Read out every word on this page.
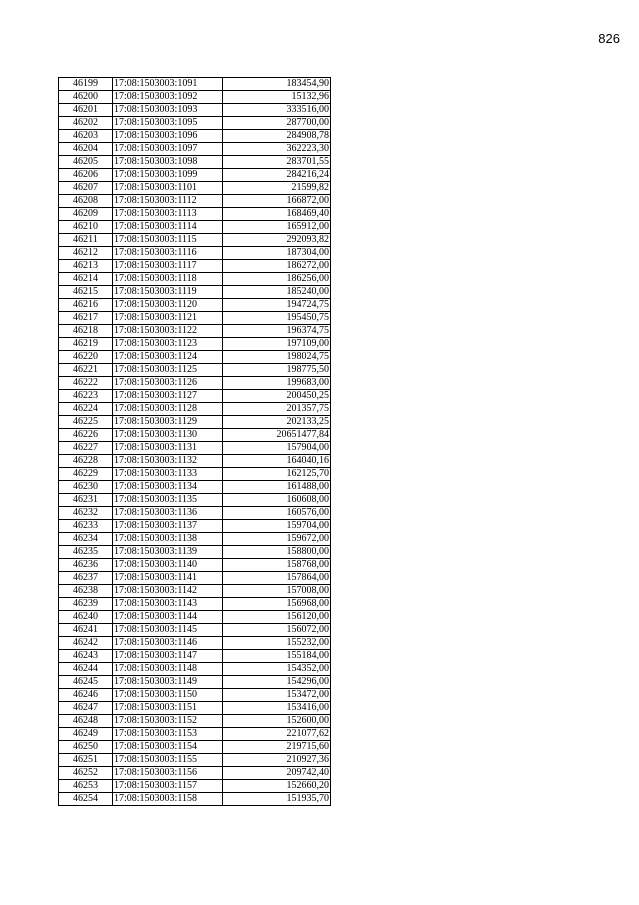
826
46199	17:08:1503003:1091	183454,90
46200	17:08:1503003:1092	15132,96
46201	17:08:1503003:1093	333516,00
46202	17:08:1503003:1095	287700,00
46203	17:08:1503003:1096	284908,78
46204	17:08:1503003:1097	362223,30
46205	17:08:1503003:1098	283701,55
46206	17:08:1503003:1099	284216,24
46207	17:08:1503003:1101	21599,82
46208	17:08:1503003:1112	166872,00
46209	17:08:1503003:1113	168469,40
46210	17:08:1503003:1114	165912,00
46211	17:08:1503003:1115	292093,82
46212	17:08:1503003:1116	187304,00
46213	17:08:1503003:1117	186272,00
46214	17:08:1503003:1118	186256,00
46215	17:08:1503003:1119	185240,00
46216	17:08:1503003:1120	194724,75
46217	17:08:1503003:1121	195450,75
46218	17:08:1503003:1122	196374,75
46219	17:08:1503003:1123	197109,00
46220	17:08:1503003:1124	198024,75
46221	17:08:1503003:1125	198775,50
46222	17:08:1503003:1126	199683,00
46223	17:08:1503003:1127	200450,25
46224	17:08:1503003:1128	201357,75
46225	17:08:1503003:1129	202133,25
46226	17:08:1503003:1130	20651477,84
46227	17:08:1503003:1131	157904,00
46228	17:08:1503003:1132	164040,16
46229	17:08:1503003:1133	162125,70
46230	17:08:1503003:1134	161488,00
46231	17:08:1503003:1135	160608,00
46232	17:08:1503003:1136	160576,00
46233	17:08:1503003:1137	159704,00
46234	17:08:1503003:1138	159672,00
46235	17:08:1503003:1139	158800,00
46236	17:08:1503003:1140	158768,00
46237	17:08:1503003:1141	157864,00
46238	17:08:1503003:1142	157008,00
46239	17:08:1503003:1143	156968,00
46240	17:08:1503003:1144	156120,00
46241	17:08:1503003:1145	156072,00
46242	17:08:1503003:1146	155232,00
46243	17:08:1503003:1147	155184,00
46244	17:08:1503003:1148	154352,00
46245	17:08:1503003:1149	154296,00
46246	17:08:1503003:1150	153472,00
46247	17:08:1503003:1151	153416,00
46248	17:08:1503003:1152	152600,00
46249	17:08:1503003:1153	221077,62
46250	17:08:1503003:1154	219715,60
46251	17:08:1503003:1155	210927,36
46252	17:08:1503003:1156	209742,40
46253	17:08:1503003:1157	152660,20
46254	17:08:1503003:1158	151935,70
